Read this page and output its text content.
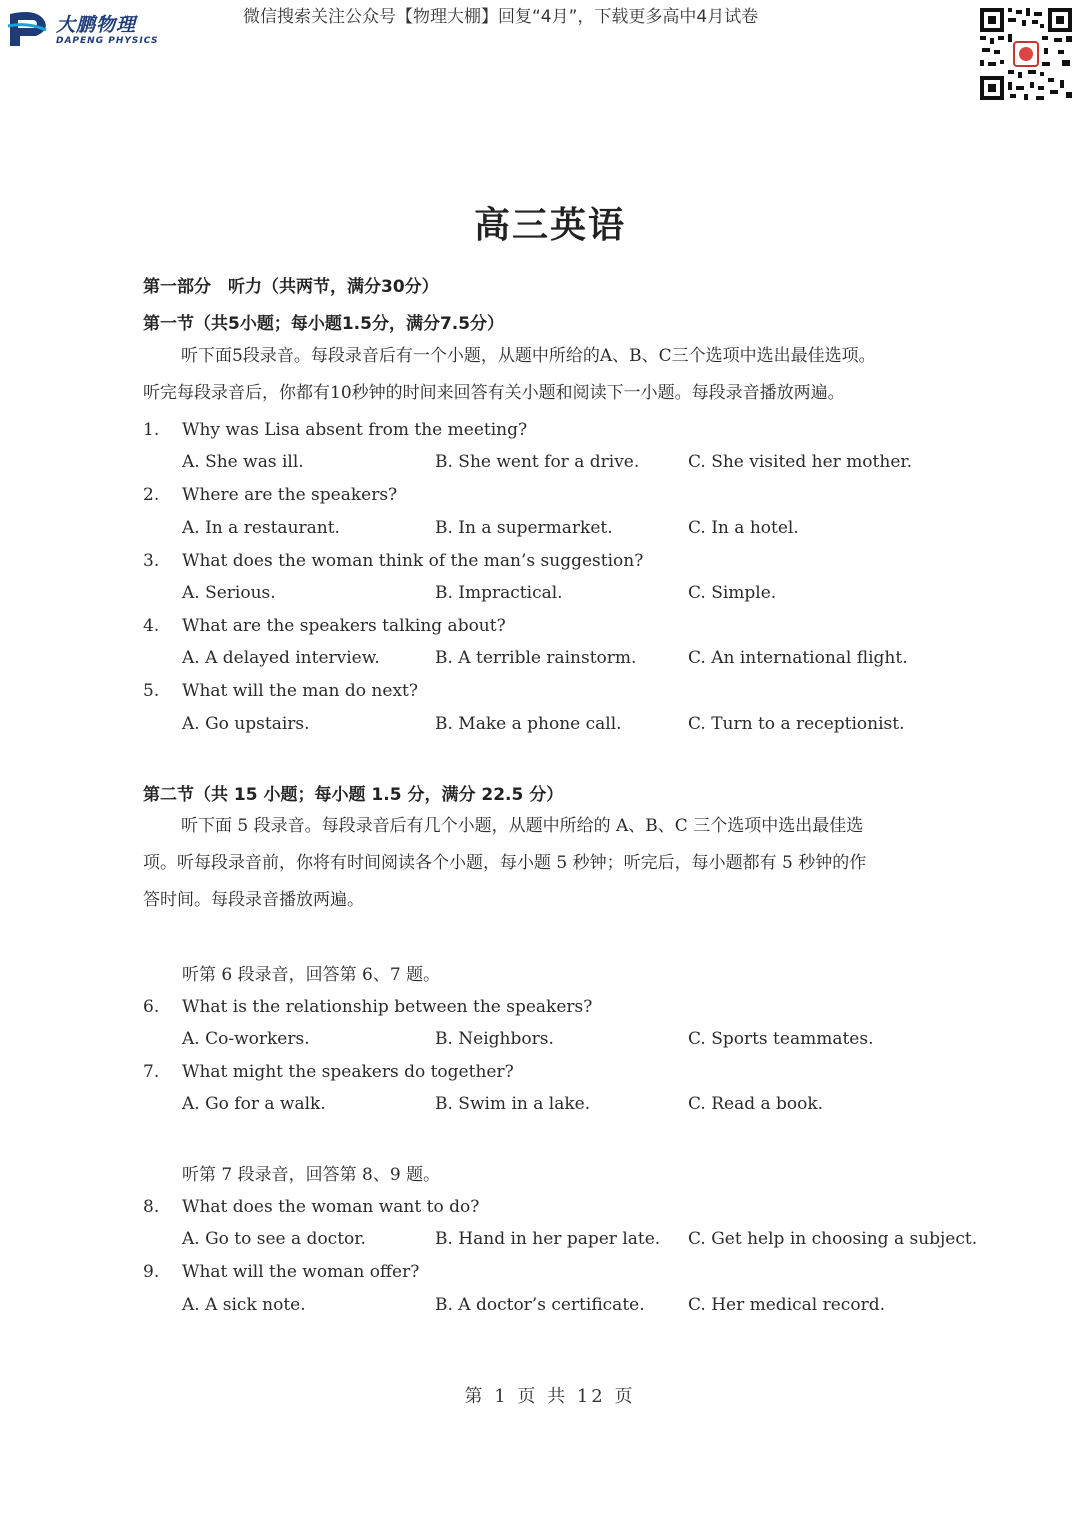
大鹏物理
DAPENG PHYSICS
微信搜索关注公众号【物理大棚】回复“4月”，下载更多高中4月试卷
高三英语
第一部分　听力（共两节，满分30分）
第一节（共5小题；每小题1.5分，满分7.5分）
听下面5段录音。每段录音后有一个小题，从题中所给的A、B、C三个选项中选出最佳选项。
听完每段录音后，你都有10秒钟的时间来回答有关小题和阅读下一小题。每段录音播放两遍。
1. Why was Lisa absent from the meeting?
A. She was ill.	B. She went for a drive.	C. She visited her mother.
2. Where are the speakers?
A. In a restaurant.	B. In a supermarket.	C. In a hotel.
3. What does the woman think of the man’s suggestion?
A. Serious.	B. Impractical.	C. Simple.
4. What are the speakers talking about?
A. A delayed interview.	B. A terrible rainstorm.	C. An international flight.
5. What will the man do next?
A. Go upstairs.	B. Make a phone call.	C. Turn to a receptionist.
第二节（共 15 小题；每小题 1.5 分，满分 22.5 分）
听下面 5 段录音。每段录音后有几个小题，从题中所给的 A、B、C 三个选项中选出最佳选
项。听每段录音前，你将有时间阅读各个小题，每小题 5 秒钟；听完后，每小题都有 5 秒钟的作
答时间。每段录音播放两遍。
听第 6 段录音，回答第 6、7 题。
6. What is the relationship between the speakers?
A. Co-workers.	B. Neighbors.	C. Sports teammates.
7. What might the speakers do together?
A. Go for a walk.	B. Swim in a lake.	C. Read a book.
听第 7 段录音，回答第 8、9 题。
8. What does the woman want to do?
A. Go to see a doctor.	B. Hand in her paper late. C. Get help in choosing a subject.
9. What will the woman offer?
A. A sick note.	B. A doctor’s certificate.	C. Her medical record.
第 1 页 共 12 页
